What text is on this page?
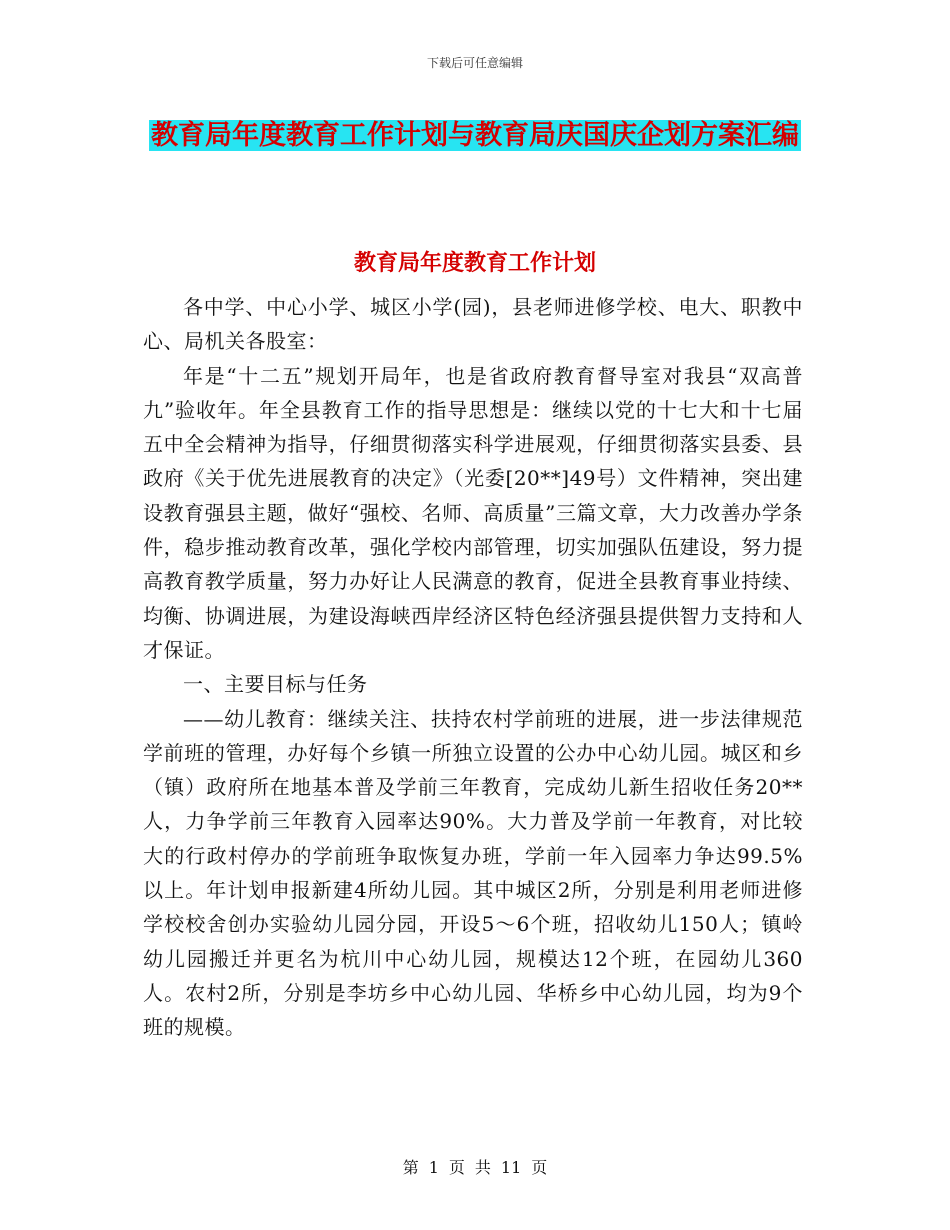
下载后可任意编辑
教育局年度教育工作计划与教育局庆国庆企划方案汇编
教育局年度教育工作计划

各中学、中心小学、城区小学(园)，县老师进修学校、电大、职教中心、局机关各股室：

年是“十二五”规划开局年，也是省政府教育督导室对我县“双高普九”验收年。年全县教育工作的指导思想是：继续以党的十七大和十七届五中全会精神为指导，仔细贯彻落实科学进展观，仔细贯彻落实县委、县政府《关于优先进展教育的决定》（光委[20**]49号）文件精神，突出建设教育强县主题，做好“强校、名师、高质量”三篇文章，大力改善办学条件，稳步推动教育改革，强化学校内部管理，切实加强队伍建设，努力提高教育教学质量，努力办好让人民满意的教育，促进全县教育事业持续、均衡、协调进展，为建设海峡西岸经济区特色经济强县提供智力支持和人才保证。

一、主要目标与任务

——幼儿教育：继续关注、扶持农村学前班的进展，进一步法律规范学前班的管理，办好每个乡镇一所独立设置的公办中心幼儿园。城区和乡（镇）政府所在地基本普及学前三年教育，完成幼儿新生招收任务20**人，力争学前三年教育入园率达90%。大力普及学前一年教育，对比较大的行政村停办的学前班争取恢复办班，学前一年入园率力争达99.5%以上。年计划申报新建4所幼儿园。其中城区2所，分别是利用老师进修学校校舍创办实验幼儿园分园，开设5～6个班，招收幼儿150人；镇岭幼儿园搬迁并更名为杭川中心幼儿园，规模达12个班，在园幼儿360人。农村2所，分别是李坊乡中心幼儿园、华桥乡中心幼儿园，均为9个班的规模。

第 1 页 共 11 页
